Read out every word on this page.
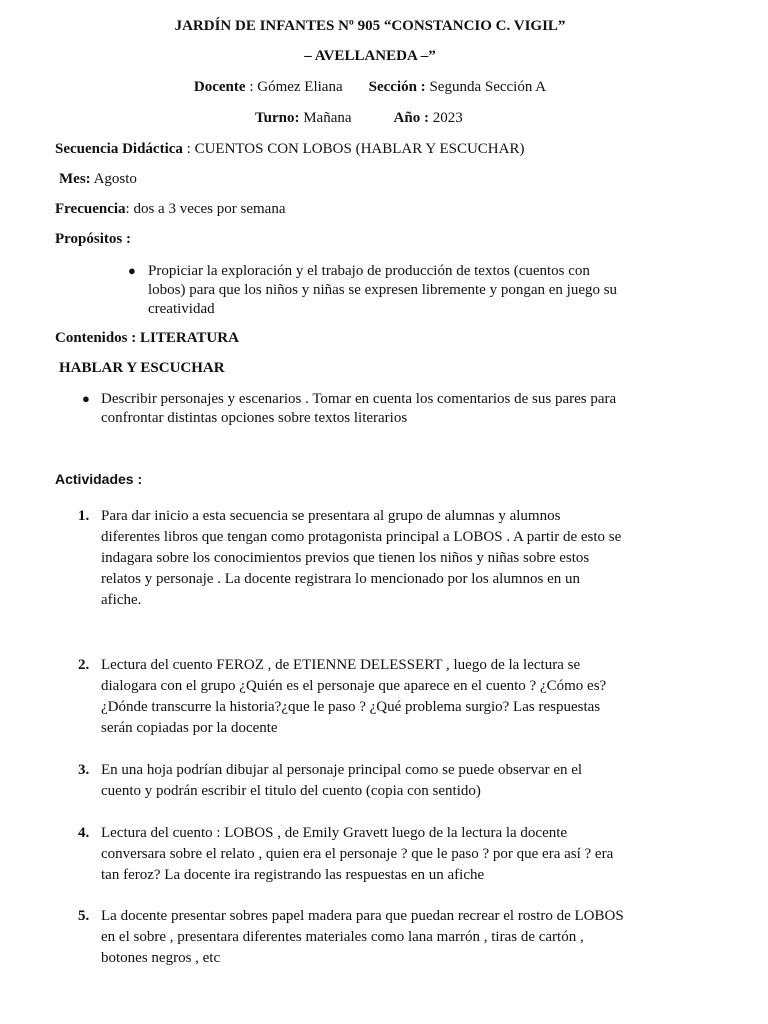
JARDÍN DE INFANTES Nº 905 “CONSTANCIO C. VIGIL”
– AVELLANEDA –”
Docente : Gómez Eliana Sección : Segunda Sección A
Turno: Mañana	Año : 2023
Secuencia Didáctica : CUENTOS CON LOBOS (HABLAR Y ESCUCHAR)
Mes: Agosto
Frecuencia: dos a 3 veces por semana
Propósitos :
● Propiciar la exploración y el trabajo de producción de textos (cuentos con
lobos) para que los niños y niñas se expresen libremente y pongan en juego su
creatividad
Contenidos : LITERATURA
HABLAR Y ESCUCHAR
● Describir personajes y escenarios . Tomar en cuenta los comentarios de sus pares para
confrontar distintas opciones sobre textos literarios
Actividades :
1. Para dar inicio a esta secuencia se presentara al grupo de alumnas y alumnos
diferentes libros que tengan como protagonista principal a LOBOS . A partir de esto se
indagara sobre los conocimientos previos que tienen los niños y niñas sobre estos
relatos y personaje . La docente registrara lo mencionado por los alumnos en un
afiche.
2. Lectura del cuento FEROZ , de ETIENNE DELESSERT , luego de la lectura se
dialogara con el grupo ¿Quién es el personaje que aparece en el cuento ? ¿Cómo es?
¿Dónde transcurre la historia?¿que le paso ? ¿Qué problema surgio? Las respuestas
serán copiadas por la docente
3. En una hoja podrían dibujar al personaje principal como se puede observar en el
cuento y podrán escribir el titulo del cuento (copia con sentido)
4. Lectura del cuento : LOBOS , de Emily Gravett luego de la lectura la docente
conversara sobre el relato , quien era el personaje ? que le paso ? por que era así ? era
tan feroz? La docente ira registrando las respuestas en un afiche
5. La docente presentar sobres papel madera para que puedan recrear el rostro de LOBOS
en el sobre , presentara diferentes materiales como lana marrón , tiras de cartón ,
botones negros , etc
